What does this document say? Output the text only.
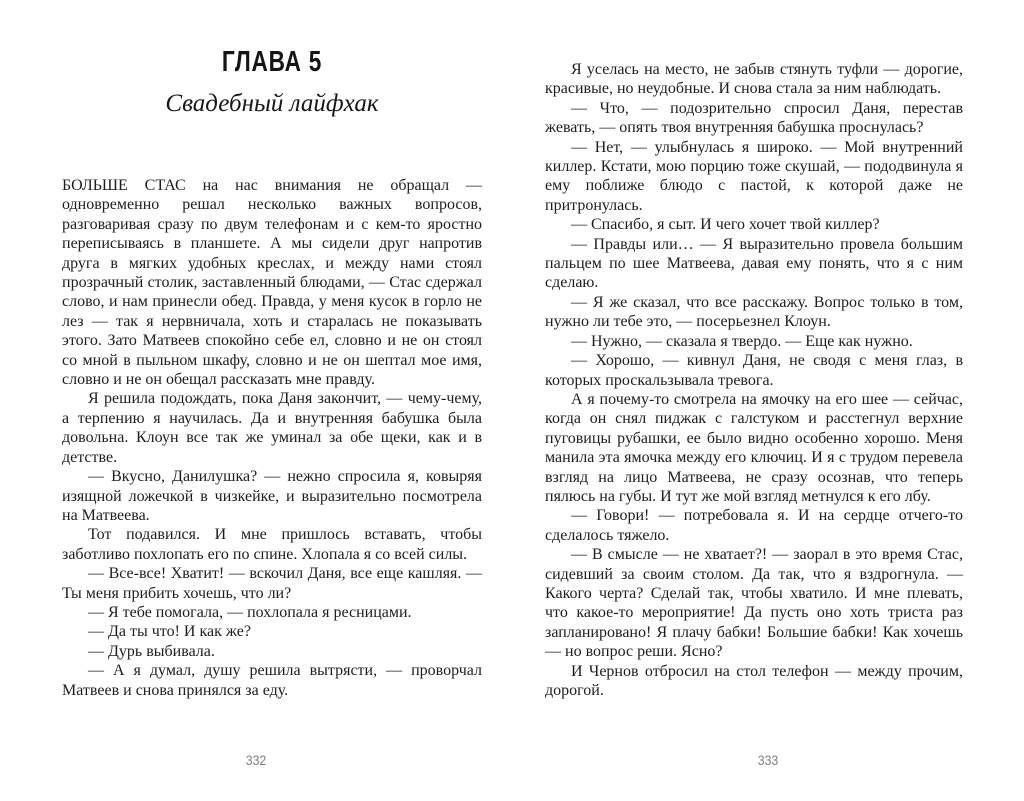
ГЛАВА 5
Свадебный лайфхак

БОЛЬШЕ СТАС на нас внимания не обращал — одновременно решал несколько важных вопросов, разговаривая сразу по двум телефонам и с кем-то яростно переписываясь в планшете. А мы сидели друг напротив друга в мягких удобных креслах, и между нами стоял прозрачный столик, заставленный блюдами, — Стас сдержал слово, и нам принесли обед. Правда, у меня кусок в горло не лез — так я нервничала, хоть и старалась не показывать этого. Зато Матвеев спокойно себе ел, словно и не он стоял со мной в пыльном шкафу, словно и не он шептал мое имя, словно и не он обещал рассказать мне правду.

Я решила подождать, пока Даня закончит, — чему-чему, а терпению я научилась. Да и внутренняя бабушка была довольна. Клоун все так же уминал за обе щеки, как и в детстве.

— Вкусно, Данилушка? — нежно спросила я, ковыряя изящной ложечкой в чизкейке, и выразительно посмотрела на Матвеева.

Тот подавился. И мне пришлось вставать, чтобы заботливо похлопать его по спине. Хлопала я со всей силы.

— Все-все! Хватит! — вскочил Даня, все еще кашляя. — Ты меня прибить хочешь, что ли?

— Я тебе помогала, — похлопала я ресницами.

— Да ты что! И как же?

— Дурь выбивала.

— А я думал, душу решила вытрясти, — проворчал Матвеев и снова принялся за еду.

Я уселась на место, не забыв стянуть туфли — дорогие, красивые, но неудобные. И снова стала за ним наблюдать.

— Что, — подозрительно спросил Даня, перестав жевать, — опять твоя внутренняя бабушка проснулась?

— Нет, — улыбнулась я широко. — Мой внутренний киллер. Кстати, мою порцию тоже скушай, — пододвинула я ему поближе блюдо с пастой, к которой даже не притронулась.

— Спасибо, я сыт. И чего хочет твой киллер?

— Правды или… — Я выразительно провела большим пальцем по шее Матвеева, давая ему понять, что я с ним сделаю.

— Я же сказал, что все расскажу. Вопрос только в том, нужно ли тебе это, — посерьезнел Клоун.

— Нужно, — сказала я твердо. — Еще как нужно.

— Хорошо, — кивнул Даня, не сводя с меня глаз, в которых проскальзывала тревога.

А я почему-то смотрела на ямочку на его шее — сейчас, когда он снял пиджак с галстуком и расстегнул верхние пуговицы рубашки, ее было видно особенно хорошо. Меня манила эта ямочка между его ключиц. И я с трудом перевела взгляд на лицо Матвеева, не сразу осознав, что теперь пялюсь на губы. И тут же мой взгляд метнулся к его лбу.

— Говори! — потребовала я. И на сердце отчего-то сделалось тяжело.

— В смысле — не хватает?! — заорал в это время Стас, сидевший за своим столом. Да так, что я вздрогнула. — Какого черта? Сделай так, чтобы хватило. И мне плевать, что какое-то мероприятие! Да пусть оно хоть триста раз запланировано! Я плачу бабки! Большие бабки! Как хочешь — но вопрос реши. Ясно?

И Чернов отбросил на стол телефон — между прочим, дорогой.

332	333
